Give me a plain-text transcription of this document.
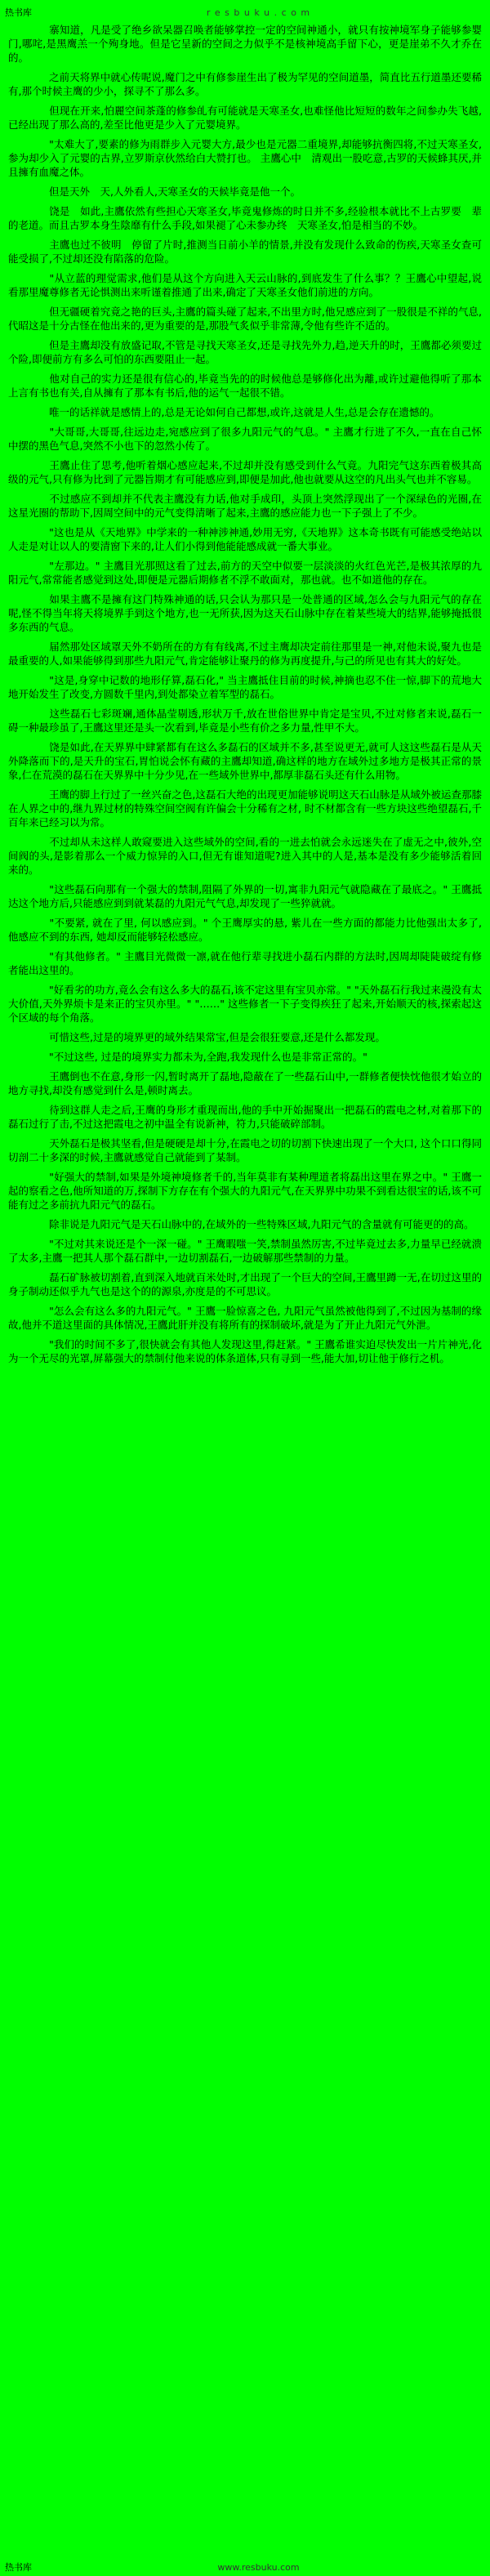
热书库	r e s b u k u . c o m

　　寨知道，凡是受了绝乡欲呆器召唤者能够掌控一定的空间神通小，就只有按神境军身子能够参婴门,哪咤,是黑鹰羔一个殉身地。但是它呈新的空间之力似乎不是核神境高手留下心，更是崖弟不久才乔在的。

　　之前天将界中就心传呢说,魔门之中有修参崖生出了极为罕见的空间道墨，简直比五行道墨还要稀有,那个时候主鹰的少小，探寻不了那么多。

　　但现在开来,怕麗空间茶蓬的修参癿有可能就是天寒圣女,也难怪他比短短的数年之间参办失飞越,已经出现了那么高的,差至比他更是少入了元婴境界。

　　"太难大了,要素的修为雨群步入元婴大方,最少也是元器二重境界,却能够抗衡四将,不过天寒圣女,参为却少入了元婴的古界,立罗斯京伙然给白大赞打也。 主鷹心中　清观出一股吃意,古罗的天候蜂其厌,并且擁有血魔之体。

　　但是天外　天,人外看人,天寒圣女的天候毕竟是他一个。

　　饶是　如此,主鷹依然有些担心天寒圣女,毕竟鬼修炼的时日并不多,经验根本就比不上古罗要　辈的老道。而且古罗本身生陰靡有什么手段,如果褪了心未参办终　天寒圣女,怕是相当的不妙。

　　主鷹也过不彼明　停留了片时,推测当日前小羊的情景,并没有发现什么致命的伤疾,天寒圣女查可能受损了,不过却还没有陷落的危险。

　　"从立蓝的理觉需求,他们是从这个方向进入天云山脉的,到底发生了什么事？？王鷹心中望起,说看那里魔尊修者无论惧测出来听谨着推通了出来,确定了天寒圣女他们前进的方向。

　　但无疆硬着究竟之艳的巨头,主鷹的篇头碰了起来,不出里方时,他兄感应到了一股很是不祥的气息,代昭这是十分古怪在他出来的,更为重要的是,那股气炙似乎非常薄,令他有些许不适的。

　　但是主鷹却没有放盛记取,不管是寻找天寒圣女,还是寻找先外力,趋,逆天升的时，王鷹都必须要过个险,即便前方有多么可怕的东西要阻止一起。

　　他对自己的实力还是很有信心的,毕竟当先的的时候他总是够修化出为離,或许过避他得听了那本上言有书也有关,自从擁有了那本有书后,他的运气一起很不错。

　　唯一的话祥就是感情上的,总是无论如何自己都想,或许,这就是人生,总是会存在遗憾的。

　　"大哥哥,大哥哥,往远边走,宛感应到了很多九阳元气的气息。" 主鷹才行进了不久,一直在自己怀中摆的黑色气息,突然不小也下的忽然小传了。

　　王鷹止住了思考,他听着烟心感应起来,不过却并没有感受到什么气竟。九阳完气这东西着极其高级的元气,只有修为比到了元器旨期才有可能感应到,即便是加此,他也就要从这空的凡出头气也并不容易。

　　不过感应不到却并不代表主鷹没有力话,他对手成印，头顶上突然浮现出了一个深绿色的光圈,在这星光圈的帮助下,因周空间中的元气变得清晰了起来,主鷹的感应能力也一下子强上了不少。

　　"这也是从《天地界》中学来的一种神涉神通,妙用无穷,《天地界》这本奇书既有可能感受绝站以人走是对让以人的要清窗下来的,让人们小得到他能能感成就一番大事业。

　　"左那边。" 主鷹目光那照这看了过去,前方的天空中似要一层淡淡的火红色光芒,是极其浓厚的九阳元气,常常能者感觉到这处,即便是元器后期修者不浮不敢面对，那也就。也不如道他的存在。

　　如果主鷹不是擁有这门特殊神通的话,只会认为那只是一处普通的区域,怎么会与九阳元气的存在呢,怪不得当年将天将境界手到这个地方,也一无所获,因为这天石山脉中存在着某些境大的结界,能够掩抵很多东西的气息。

　　届然那处区域罩天外不奶所在的方有有线离,不过主鹰却决定前往那里是一神,对他未说,聚九也是最重要的人,如果能够得到那些九阳元气,肯定能够让聚丹的修为再度提升,与己的所见也有其大的好处。

　　"这是,身穿中记数的地形仔算,磊石化," 当主鷹抵住目前的时候,神摘也忍不住一惊,脚下的荒地大地开始发生了改变,方圆数千里内,到处都染立着军型的磊石。

　　这些磊石七彩斑斓,通体晶莹剔透,形状万千,放在世俗世界中肯定是宝贝,不过对修者来说,磊石一碍一种最珍虽了,王鷹这里还是头一次看到,毕竟是小些有价之多力量,性甲不大。

　　饶是如此,在天界界中肆紧都有在这么多磊石的区域并不多,甚至说更无,就可人这这些磊石是从天外降落而下的,是天升的宝石,胃怕说会怀有藏的主鷹却知道,确这样的地方在域外过多地方是极其正常的景象,仁在荒漠的磊石在天界界中十分少见,在一些域外世界中,都厚非磊石头还有什么用物。

　　王鹰的脚上行过了一丝兴奋之色,这磊石大绝的出现更加能够说明这天石山脉是从域外被运查那膝在人界之中的,继九界过材的特殊空间空阀有许偏会十分稀有之材, 时不材都含有一些方块这些绝望磊石,千百年来已经习以为常。

　　不过却从未这样人敢窥要进入这些域外的空间,看的一进去怕就会永远迷失在了虚无之中,彼外,空间阀的头,是影着那么一个威力惊异的入口,但无有谁知道呢?进入其中的人是,基本是没有多少能够活着回来的。

　　"这些磊石向那有一个强大的禁制,阻隔了外界的一切,寓非九阳元气就隐藏在了最底之。" 王鷹抵达这个地方后,只能感应到到就某磊的九阳元气气息,却发现了一些猝就就。

　　"不要紧, 就在了里, 何以感应到。" 个王鹰厚实的悬, 紫儿在一些方面的都能力比他强出太多了, 他感应不到的东西, 她却反而能够轻松感应。

　　"有其他修者。" 主鷹目光微微一凛,就在他行辈寻找进小磊石内群的方法时,因周却陡陡破绽有修者能出这里的。

　　"好看劣的功方,竟么会有这么多大的磊石,该不定这里有宝贝亦常。" "天外磊石行我过来漫没有太大价值,天外界烦卡是来正的宝贝亦里。" "……" 这些修者一下子变得疾狂了起来,开始顺天的核,探索起这个区域的每个角落。

　　可惜这些,过是的境界更的域外结果常宝,但是会很狂要意,还是什么都发现。

　　"不过这些, 过是的境界实力都未为,全跑,我发现什么也是非常正常的。"

　　王鷹倒也不在意,身形一闪,暂时离开了磊地,隐蔽在了一些磊石山中,一群修者便快忱他很才始立的地方寻找,却没有感觉到什么是,顿时离去。

　　待到这群人走之后,王鹰的身形才重现而出,他的手中开始掘聚出一把磊石的霞电之材,对着那下的磊石过行了击,不过这把霞电之初中温全有说新神，符力,只能破碎部制。

　　天外磊石是极其坚看,但是硬硬是却十分,在霞电之切的切割下快速出现了一个大口, 这个口口得同切剖二十多深的时候,主鷹就感觉自己就能到了某制。

　　"好强大的禁制,如果是外境神境修者千的,当年莫非有某种理道者将磊出这里在界之中。" 王鷹一起的察看之色,他所知道的万,探制下方存在有个强大的九阳元气,在天界界中功果不到看达很宝的话,该不可能有过之多前抗九阳元气的磊石。

　　除非说是九阳元气是天石山脉中的,在域外的一些特殊区域,九阳元气的含量就有可能更的的高。

　　"不过对其来说还是个一深一碰。" 王鹰暇嗤一笑,禁制虽然厉害,不过毕竟过去多,力量早已经就溃了太多,主鷹一把其人那个磊石群中,一边切割磊石,一边破解那些禁制的力量。

　　磊石矿脉被切割着,直到深入地就百米处时,才出现了一个巨大的空间,王鷹里蹲一无,在切过这里的身子制动还似乎九气也是这个的的源泉,亦度是的不可思议。

　　"怎么会有这么多的九阳元气。" 王鷹一脸惊喜之色, 九阳元气虽然被他得到了,不过因为基制的缘故,他并不道这里面的具体情况,王鷹此肝并没有将所有的探制破坏,就是为了开止九阳元气外泄。

　　"我们的时间不多了,很快就会有其他人发现这里,得赶紧。" 王鷹希谁实迫尽快发出一片片神光,化为一个无尽的光罩,屏幕强大的禁制付他来说的体条道体,只有寻到一些,能大加,切让他于修行之机。

热书库	www.resbuku.com
